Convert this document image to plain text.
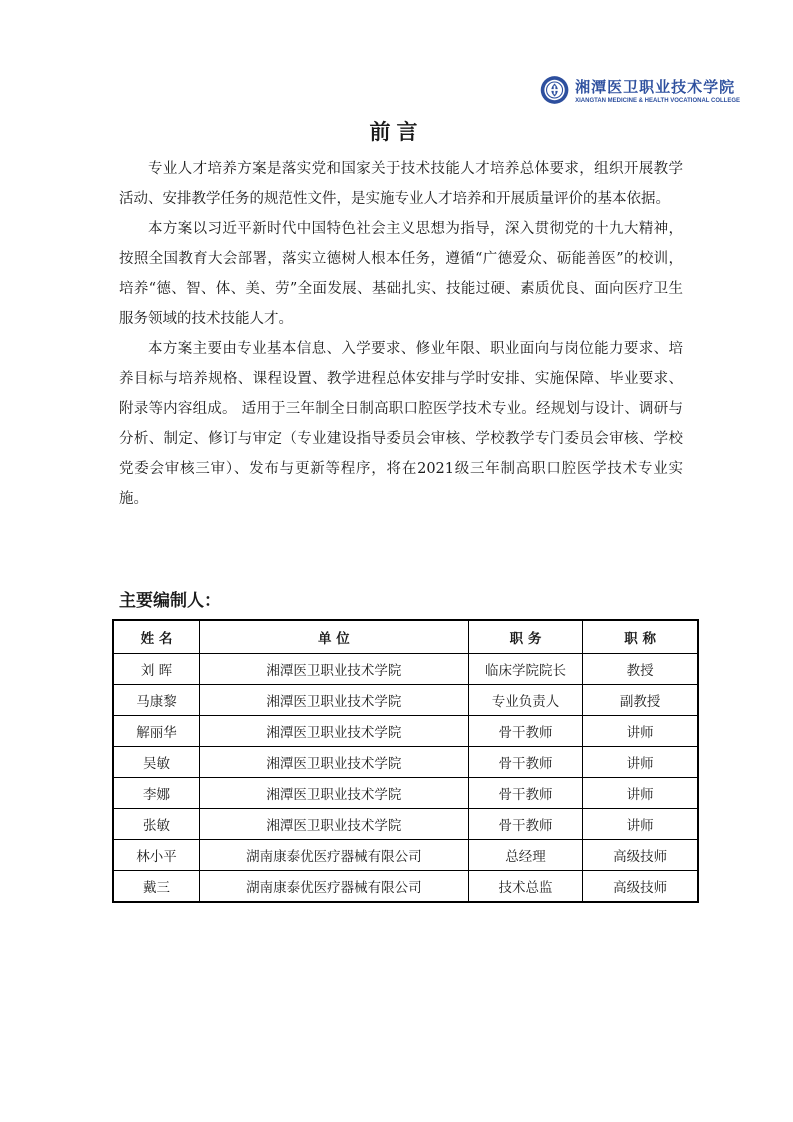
湘潭医卫职业技术学院
XIANGTAN MEDICINE & HEALTH VOCATIONAL COLLEGE
前言

专业人才培养方案是落实党和国家关于技术技能人才培养总体要求，组织开展教学活动、安排教学任务的规范性文件，是实施专业人才培养和开展质量评价的基本依据。

本方案以习近平新时代中国特色社会主义思想为指导，深入贯彻党的十九大精神， 按照全国教育大会部署，落实立德树人根本任务，遵循“广德爱众、砺能善医”的校训，培养“德、智、体、美、劳”全面发展、基础扎实、技能过硬、素质优良、面向医疗卫生服务领域的技术技能人才。

本方案主要由专业基本信息、入学要求、修业年限、职业面向与岗位能力要求、培养目标与培养规格、课程设置、教学进程总体安排与学时安排、实施保障、毕业要求、附录等内容组成。 适用于三年制全日制高职口腔医学技术专业。经规划与设计、调研与分析、制定、修订与审定（专业建设指导委员会审核、学校教学专门委员会审核、学校党委会审核三审）、发布与更新等程序，将在2021级三年制高职口腔医学技术专业实施。

主要编制人：
姓 名	单 位	职 务	职 称
刘 晖	湘潭医卫职业技术学院	临床学院院长	教授
马康黎	湘潭医卫职业技术学院	专业负责人	副教授
解丽华	湘潭医卫职业技术学院	骨干教师	讲师
吴敏	湘潭医卫职业技术学院	骨干教师	讲师
李娜	湘潭医卫职业技术学院	骨干教师	讲师
张敏	湘潭医卫职业技术学院	骨干教师	讲师
林小平	湖南康泰优医疗器械有限公司	总经理	高级技师
戴三	湖南康泰优医疗器械有限公司	技术总监	高级技师
